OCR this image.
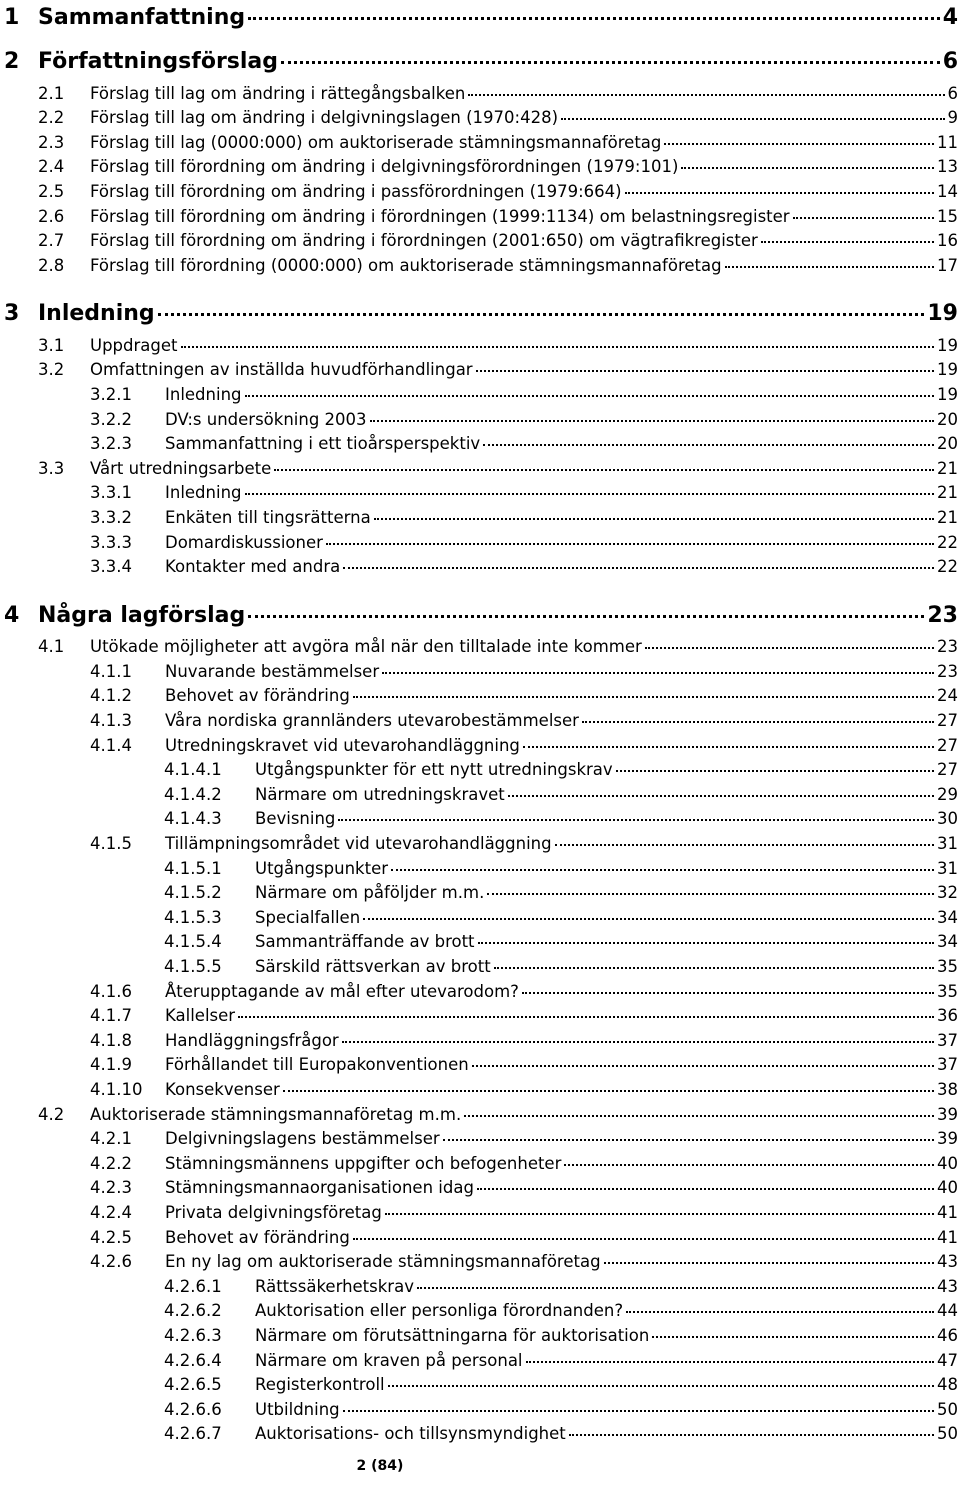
1 Sammanfattning	4
2 Författningsförslag	6
2.1	Förslag till lag om ändring i rättegångsbalken	6
2.2	Förslag till lag om ändring i delgivningslagen (1970:428)	9
2.3	Förslag till lag (0000:000) om auktoriserade stämningsmannaföretag	11
2.4	Förslag till förordning om ändring i delgivningsförordningen (1979:101)	13
2.5	Förslag till förordning om ändring i passförordningen (1979:664)	14
2.6	Förslag till förordning om ändring i förordningen (1999:1134) om belastningsregister	15
2.7	Förslag till förordning om ändring i förordningen (2001:650) om vägtrafikregister	16
2.8	Förslag till förordning (0000:000) om auktoriserade stämningsmannaföretag	17
3 Inledning	19
3.1	Uppdraget	19
3.2	Omfattningen av inställda huvudförhandlingar	19
3.2.1	Inledning	19
3.2.2	DV:s undersökning 2003	20
3.2.3	Sammanfattning i ett tioårsperspektiv	20
3.3	Vårt utredningsarbete	21
3.3.1	Inledning	21
3.3.2	Enkäten till tingsrätterna	21
3.3.3	Domardiskussioner	22
3.3.4	Kontakter med andra	22
4 Några lagförslag	23
4.1	Utökade möjligheter att avgöra mål när den tilltalade inte kommer	23
4.1.1	Nuvarande bestämmelser	23
4.1.2	Behovet av förändring	24
4.1.3	Våra nordiska grannländers utevarobestämmelser	27
4.1.4	Utredningskravet vid utevarohandläggning	27
4.1.4.1	Utgångspunkter för ett nytt utredningskrav	27
4.1.4.2	Närmare om utredningskravet	29
4.1.4.3	Bevisning	30
4.1.5	Tillämpningsområdet vid utevarohandläggning	31
4.1.5.1	Utgångspunkter	31
4.1.5.2	Närmare om påföljder m.m.	32
4.1.5.3	Specialfallen	34
4.1.5.4	Sammanträffande av brott	34
4.1.5.5	Särskild rättsverkan av brott	35
4.1.6	Återupptagande av mål efter utevarodom?	35
4.1.7	Kallelser	36
4.1.8	Handläggningsfrågor	37
4.1.9	Förhållandet till Europakonventionen	37
4.1.10	Konsekvenser	38
4.2	Auktoriserade stämningsmannaföretag m.m.	39
4.2.1	Delgivningslagens bestämmelser	39
4.2.2	Stämningsmännens uppgifter och befogenheter	40
4.2.3	Stämningsmannaorganisationen idag	40
4.2.4	Privata delgivningsföretag	41
4.2.5	Behovet av förändring	41
4.2.6	En ny lag om auktoriserade stämningsmannaföretag	43
4.2.6.1	Rättssäkerhetskrav	43
4.2.6.2	Auktorisation eller personliga förordnanden?	44
4.2.6.3	Närmare om förutsättningarna för auktorisation	46
4.2.6.4	Närmare om kraven på personal	47
4.2.6.5	Registerkontroll	48
4.2.6.6	Utbildning	50
4.2.6.7	Auktorisations- och tillsynsmyndighet	50
2 (84)
